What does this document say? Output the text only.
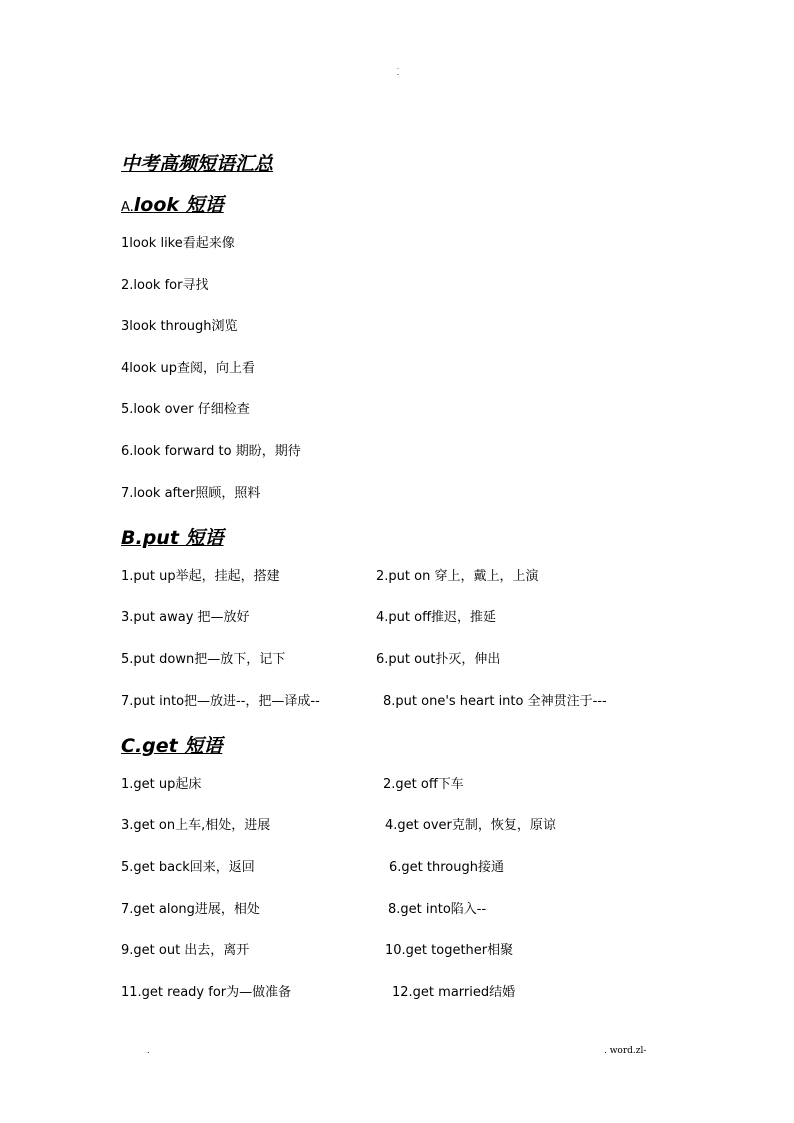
.
-
中考高频短语汇总
A.look 短语
1look like看起来像
2.look for寻找
3look through浏览
4look up查阅，向上看
5.look over 仔细检查
6.look forward to 期盼，期待
7.look after照顾，照料
B.put 短语
1.put up举起，挂起，搭建	2.put on 穿上，戴上，上演
3.put away 把—放好	4.put off推迟，推延
5.put down把—放下，记下	6.put out扑灭，伸出
7.put into把—放进--，把—译成--	8.put one's heart into 全神贯注于---
C.get 短语
1.get up起床	2.get off下车
3.get on上车,相处，进展	4.get over克制，恢复，原谅
5.get back回来，返回	6.get through接通
7.get along进展，相处	8.get into陷入--
9.get out 出去，离开	10.get together相聚
11.get ready for为—做准备	12.get married结婚
.	. word.zl-
